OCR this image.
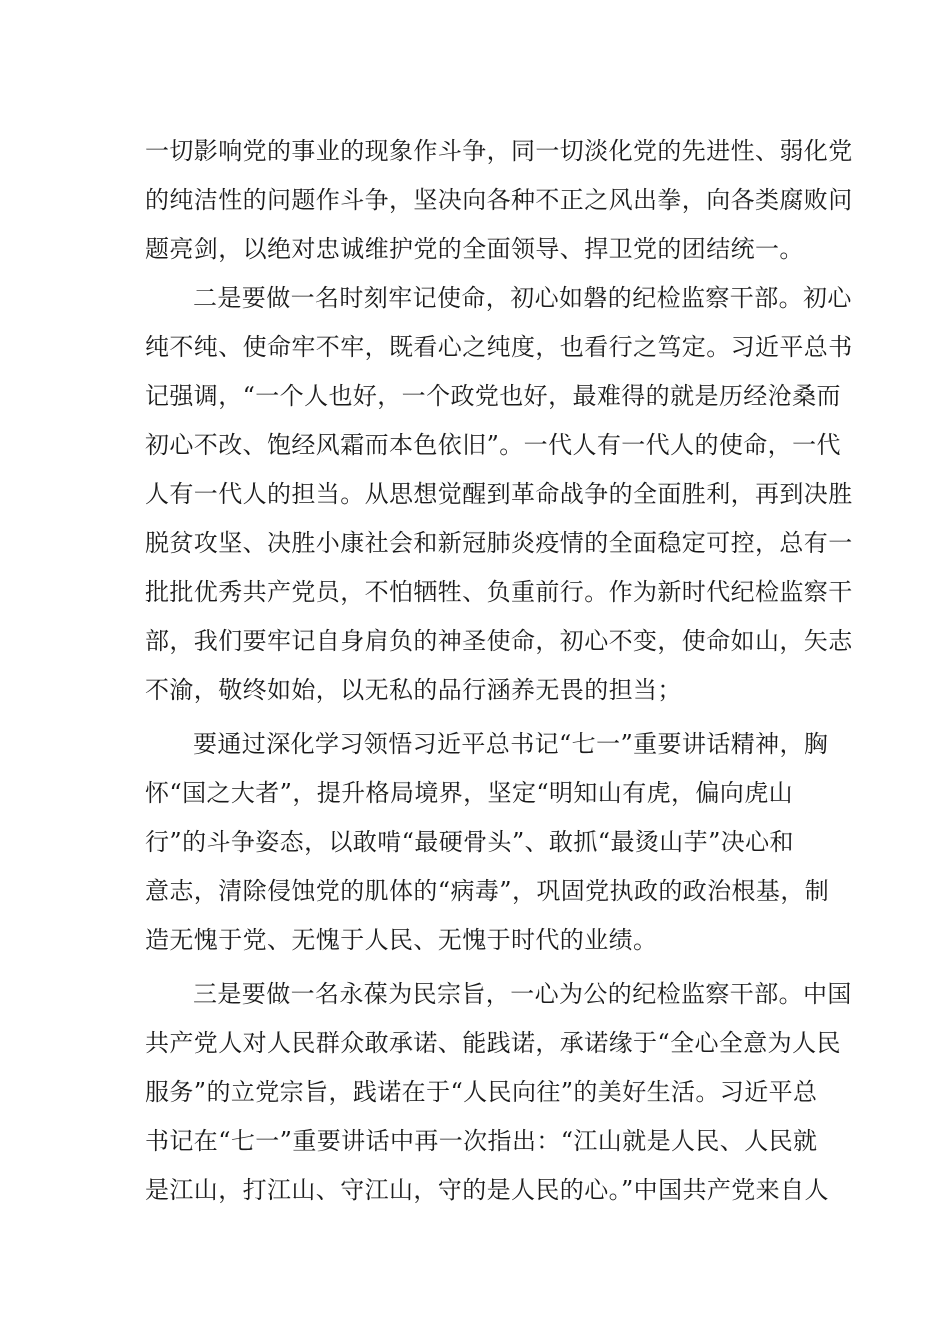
一切影响党的事业的现象作斗争，同一切淡化党的先进性、弱化党
的纯洁性的问题作斗争，坚决向各种不正之风出拳，向各类腐败问
题亮剑，以绝对忠诚维护党的全面领导、捍卫党的团结统一。
二是要做一名时刻牢记使命，初心如磐的纪检监察干部。初心
纯不纯、使命牢不牢，既看心之纯度，也看行之笃定。习近平总书
记强调，“一个人也好，一个政党也好，最难得的就是历经沧桑而
初心不改、饱经风霜而本色依旧”。一代人有一代人的使命，一代
人有一代人的担当。从思想觉醒到革命战争的全面胜利，再到决胜
脱贫攻坚、决胜小康社会和新冠肺炎疫情的全面稳定可控，总有一
批批优秀共产党员，不怕牺牲、负重前行。作为新时代纪检监察干
部，我们要牢记自身肩负的神圣使命，初心不变，使命如山，矢志
不渝，敬终如始，以无私的品行涵养无畏的担当；
要通过深化学习领悟习近平总书记“七一”重要讲话精神，胸
怀“国之大者”，提升格局境界，坚定“明知山有虎，偏向虎山
行”的斗争姿态，以敢啃“最硬骨头”、敢抓“最烫山芋”决心和
意志，清除侵蚀党的肌体的“病毒”，巩固党执政的政治根基，制
造无愧于党、无愧于人民、无愧于时代的业绩。
三是要做一名永葆为民宗旨，一心为公的纪检监察干部。中国
共产党人对人民群众敢承诺、能践诺，承诺缘于“全心全意为人民
服务”的立党宗旨，践诺在于“人民向往”的美好生活。习近平总
书记在“七一”重要讲话中再一次指出：“江山就是人民、人民就
是江山，打江山、守江山，守的是人民的心。”中国共产党来自人
